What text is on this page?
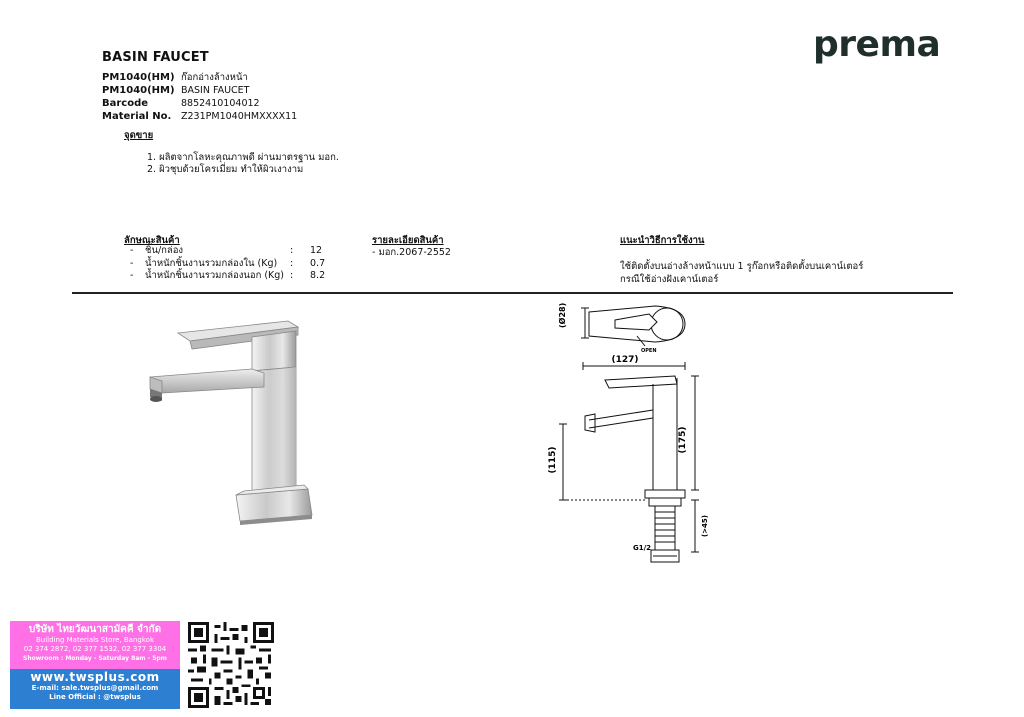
BASIN FAUCET	prema
PM1040(HM) ก๊อกอ่างล้างหน้า
PM1040(HM) BASIN FAUCET
Barcode	8852410104012
Material No.	Z231PM1040HMXXXX11
จุดขาย
1. ผลิตจากโลหะคุณภาพดี ผ่านมาตรฐาน มอก.
2. ผิวชุบด้วยโครเมี่ยม ทำให้ผิวเงางาม
ลักษณะสินค้า	รายละเอียดสินค้า	แนะนำวิธีการใช้งาน
-	ชิ้น/กล่อง	:	12
-	น้ำหนักชิ้นงานรวมกล่องใน (Kg)	:	0.7
-	น้ำหนักชิ้นงานรวมกล่องนอก (Kg) :	8.2
- มอก.2067-2552
ใช้ติดตั้งบนอ่างล้างหน้าแบบ 1 รูก๊อกหรือติดตั้งบนเคาน์เตอร์
กรณีใช้อ่างฝังเคาน์เตอร์
(Ø28)
OPEN
(127)
(175)
(115)
G1/2
(>45)
บริษัท ไทยวัฒนาสามัคคี จำกัด
Building Materials Store, Bangkok
02 374 2872, 02 377 1532, 02 377 3304
Showroom : Monday - Saturday 8am - 5pm
www.twsplus.com
E-mail: sale.twsplus@gmail.com
Line Official : @twsplus
